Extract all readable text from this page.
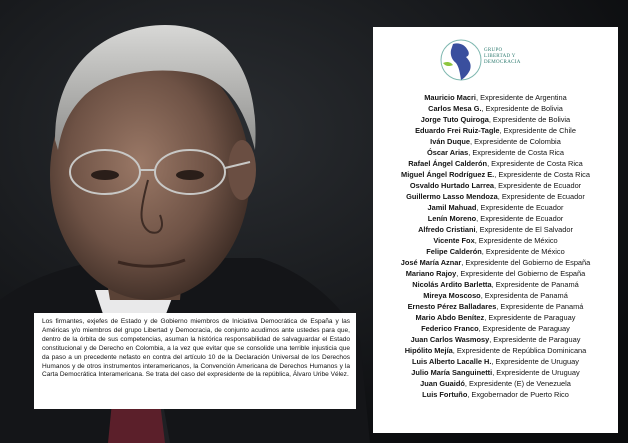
Los firmantes, exjefes de Estado y de Gobierno miembros de Iniciativa Democrática de España y las Américas y/o miembros del grupo Libertad y Democracia, de conjunto acudimos ante ustedes para que, dentro de la órbita de sus competencias, asuman la histórica responsabilidad de salvaguardar el Estado constitucional y de Derecho en Colombia, a la vez que evitar que se consolide una terrible injusticia que da paso a un precedente nefasto en contra del artículo 10 de la Declaración Universal de los Derechos Humanos y de otros instrumentos interamericanos, la Convención Americana de Derechos Humanos y la Carta Democrática Interamericana. Se trata del caso del expresidente de la república, Álvaro Uribe Vélez.
GRUPO
LIBERTAD Y
DEMOCRACIA
Mauricio Macri, Expresidente de Argentina
Carlos Mesa G., Expresidente de Bolivia
Jorge Tuto Quiroga, Expresidente de Bolivia
Eduardo Frei Ruiz-Tagle, Expresidente de Chile
Iván Duque, Expresidente de Colombia
Óscar Arias, Expresidente de Costa Rica
Rafael Ángel Calderón, Expresidente de Costa Rica
Miguel Ángel Rodríguez E., Expresidente de Costa Rica
Osvaldo Hurtado Larrea, Expresidente de Ecuador
Guillermo Lasso Mendoza, Expresidente de Ecuador
Jamil Mahuad, Expresidente de Ecuador
Lenín Moreno, Expresidente de Ecuador
Alfredo Cristiani, Expresidente de El Salvador
Vicente Fox, Expresidente de México
Felipe Calderón, Expresidente de México
José María Aznar, Expresidente del Gobierno de España
Mariano Rajoy, Expresidente del Gobierno de España
Nicolás Ardito Barletta, Expresidente de Panamá
Mireya Moscoso, Expresidenta de Panamá
Ernesto Pérez Balladares, Expresidente de Panamá
Mario Abdo Benítez, Expresidente de Paraguay
Federico Franco, Expresidente de Paraguay
Juan Carlos Wasmosy, Expresidente de Paraguay
Hipólito Mejía, Expresidente de República Dominicana
Luis Alberto Lacalle H., Expresidente de Uruguay
Julio María Sanguinetti, Expresidente de Uruguay
Juan Guaidó, Expresidente (E) de Venezuela
Luis Fortuño, Exgobernador de Puerto Rico
